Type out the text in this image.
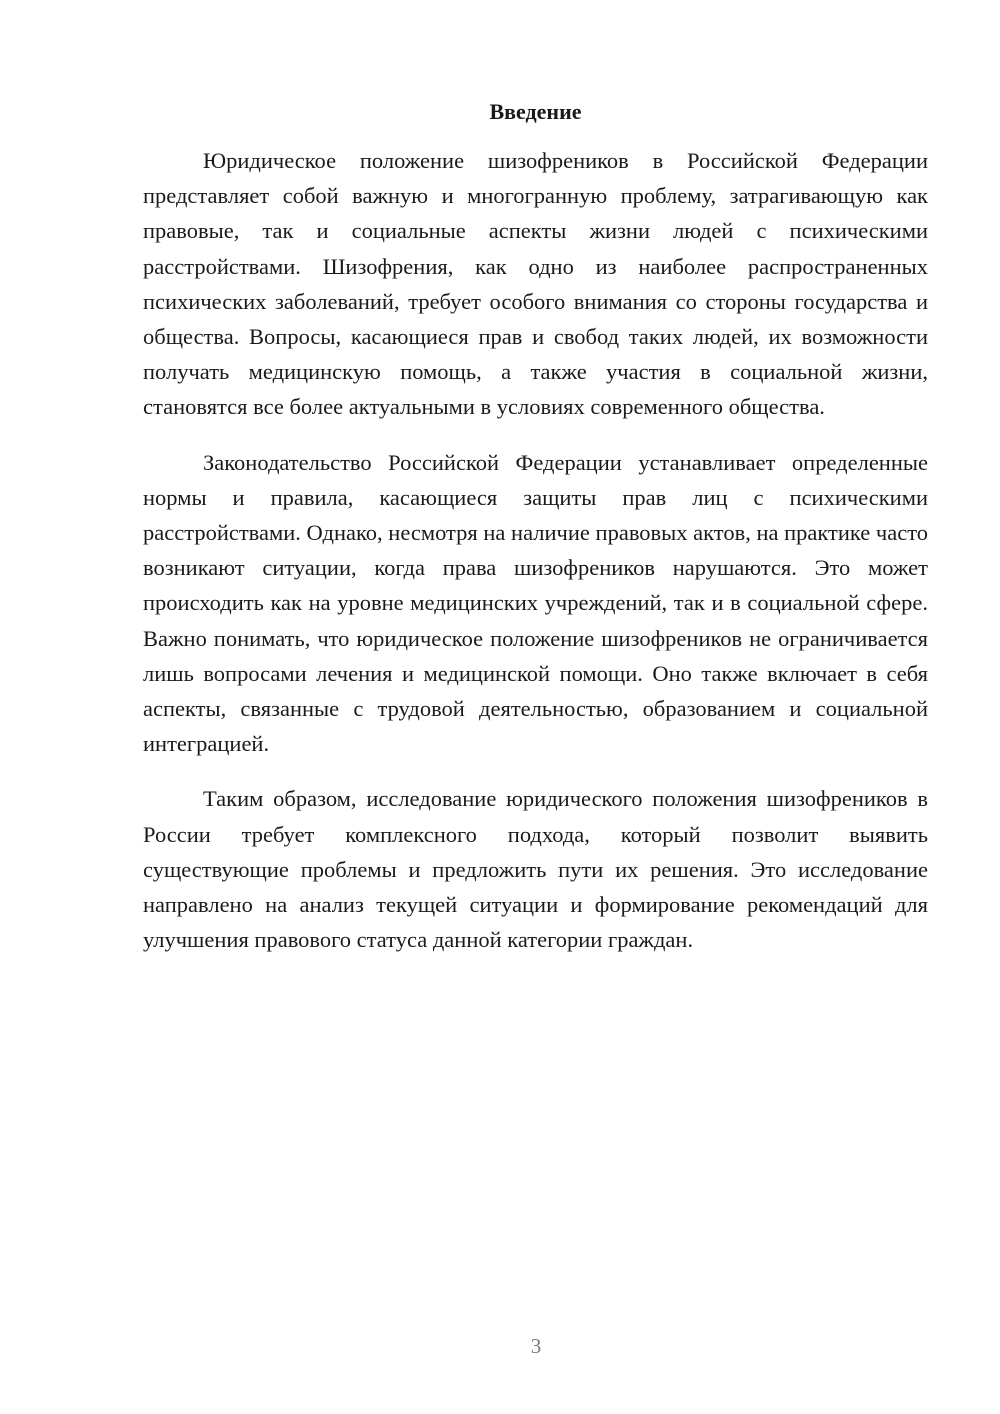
Введение

Юридическое положение шизофреников в Российской Федерации представляет собой важную и многогранную проблему, затрагивающую как правовые, так и социальные аспекты жизни людей с психическими расстройствами. Шизофрения, как одно из наиболее распространенных психических заболеваний, требует особого внимания со стороны государства и общества. Вопросы, касающиеся прав и свобод таких людей, их возможности получать медицинскую помощь, а также участия в социальной жизни, становятся все более актуальными в условиях современного общества.

Законодательство Российской Федерации устанавливает определенные нормы и правила, касающиеся защиты прав лиц с психическими расстройствами. Однако, несмотря на наличие правовых актов, на практике часто возникают ситуации, когда права шизофреников нарушаются. Это может происходить как на уровне медицинских учреждений, так и в социальной сфере. Важно понимать, что юридическое положение шизофреников не ограничивается лишь вопросами лечения и медицинской помощи. Оно также включает в себя аспекты, связанные с трудовой деятельностью, образованием и социальной интеграцией.

Таким образом, исследование юридического положения шизофреников в России требует комплексного подхода, который позволит выявить существующие проблемы и предложить пути их решения. Это исследование направлено на анализ текущей ситуации и формирование рекомендаций для улучшения правового статуса данной категории граждан.

3
